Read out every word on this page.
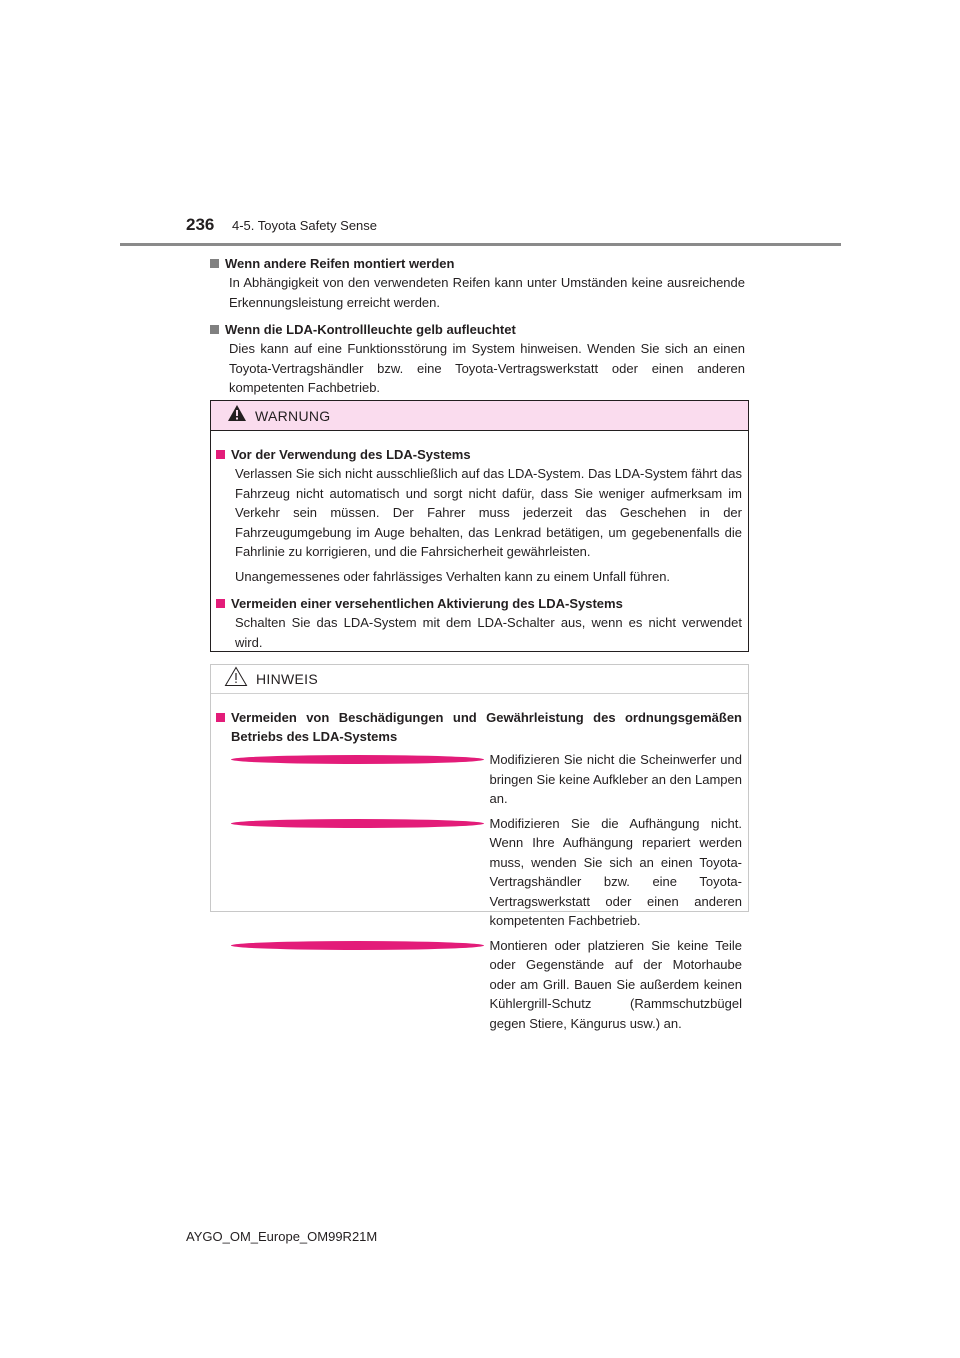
236	4-5. Toyota Safety Sense
Wenn andere Reifen montiert werden
In Abhängigkeit von den verwendeten Reifen kann unter Umständen keine ausreichende Erkennungsleistung erreicht werden.
Wenn die LDA-Kontrollleuchte gelb aufleuchtet
Dies kann auf eine Funktionsstörung im System hinweisen. Wenden Sie sich an einen Toyota-Vertragshändler bzw. eine Toyota-Vertragswerkstatt oder einen anderen kompetenten Fachbetrieb.
WARNUNG
Vor der Verwendung des LDA-Systems

Verlassen Sie sich nicht ausschließlich auf das LDA-System. Das LDA-System fährt das Fahrzeug nicht automatisch und sorgt nicht dafür, dass Sie weniger aufmerksam im Verkehr sein müssen. Der Fahrer muss jederzeit das Geschehen in der Fahrzeugumgebung im Auge behalten, das Lenkrad betätigen, um gegebenenfalls die Fahrlinie zu korrigieren, und die Fahrsicherheit gewährleisten.

Unangemessenes oder fahrlässiges Verhalten kann zu einem Unfall führen.

Vermeiden einer versehentlichen Aktivierung des LDA-Systems

Schalten Sie das LDA-System mit dem LDA-Schalter aus, wenn es nicht verwendet wird.

HINWEIS
Vermeiden von Beschädigungen und Gewährleistung des ordnungsgemäßen Betriebs des LDA-Systems
Modifizieren Sie nicht die Scheinwerfer und bringen Sie keine Aufkleber an den Lampen an.
Modifizieren Sie die Aufhängung nicht. Wenn Ihre Aufhängung repariert werden muss, wenden Sie sich an einen Toyota-Vertragshändler bzw. eine Toyota-Vertragswerkstatt oder einen anderen kompetenten Fachbetrieb.
Montieren oder platzieren Sie keine Teile oder Gegenstände auf der Motorhaube oder am Grill. Bauen Sie außerdem keinen Kühlergrill-Schutz (Rammschutzbügel gegen Stiere, Kängurus usw.) an.
AYGO_OM_Europe_OM99R21M
